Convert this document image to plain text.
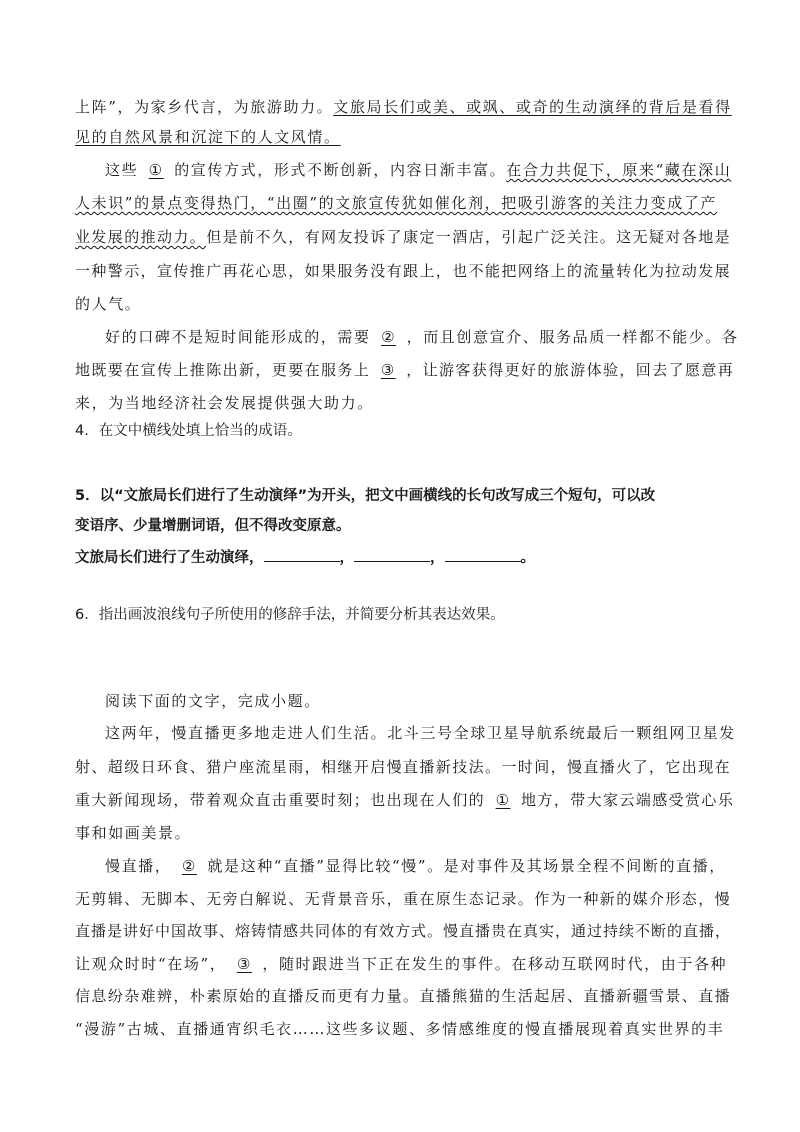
上阵”，为家乡代言，为旅游助力。文旅局长们或美、或飒、或奇的生动演绎的背后是看得
见的自然风景和沉淀下的人文风情。
这些 ① 的宣传方式，形式不断创新，内容日渐丰富。在合力共促下，原来“藏在深山
人未识”的景点变得热门，“出圈”的文旅宣传犹如催化剂，把吸引游客的关注力变成了产
业发展的推动力。但是前不久，有网友投诉了康定一酒店，引起广泛关注。这无疑对各地是
一种警示，宣传推广再花心思，如果服务没有跟上，也不能把网络上的流量转化为拉动发展
的人气。
好的口碑不是短时间能形成的，需要 ② ，而且创意宣介、服务品质一样都不能少。各
地既要在宣传上推陈出新，更要在服务上 ③ ，让游客获得更好的旅游体验，回去了愿意再
来，为当地经济社会发展提供强大助力。
4．在文中横线处填上恰当的成语。
5．以“文旅局长们进行了生动演绎”为开头，把文中画横线的长句改写成三个短句，可以改
变语序、少量增删词语，但不得改变原意。
文旅局长们进行了生动演绎，	，	，	。
6．指出画波浪线句子所使用的修辞手法，并简要分析其表达效果。
阅读下面的文字，完成小题。
这两年，慢直播更多地走进人们生活。北斗三号全球卫星导航系统最后一颗组网卫星发
射、超级日环食、猎户座流星雨，相继开启慢直播新技法。一时间，慢直播火了，它出现在
重大新闻现场，带着观众直击重要时刻；也出现在人们的 ① 地方，带大家云端感受赏心乐
事和如画美景。
慢直播， ② 就是这种“直播”显得比较“慢”。是对事件及其场景全程不间断的直播，
无剪辑、无脚本、无旁白解说、无背景音乐，重在原生态记录。作为一种新的媒介形态，慢
直播是讲好中国故事、熔铸情感共同体的有效方式。慢直播贵在真实，通过持续不断的直播，
让观众时时“在场”， ③ ，随时跟进当下正在发生的事件。在移动互联网时代，由于各种
信息纷杂难辨，朴素原始的直播反而更有力量。直播熊猫的生活起居、直播新疆雪景、直播
“漫游”古城、直播通宵织毛衣……这些多议题、多情感维度的慢直播展现着真实世界的丰
